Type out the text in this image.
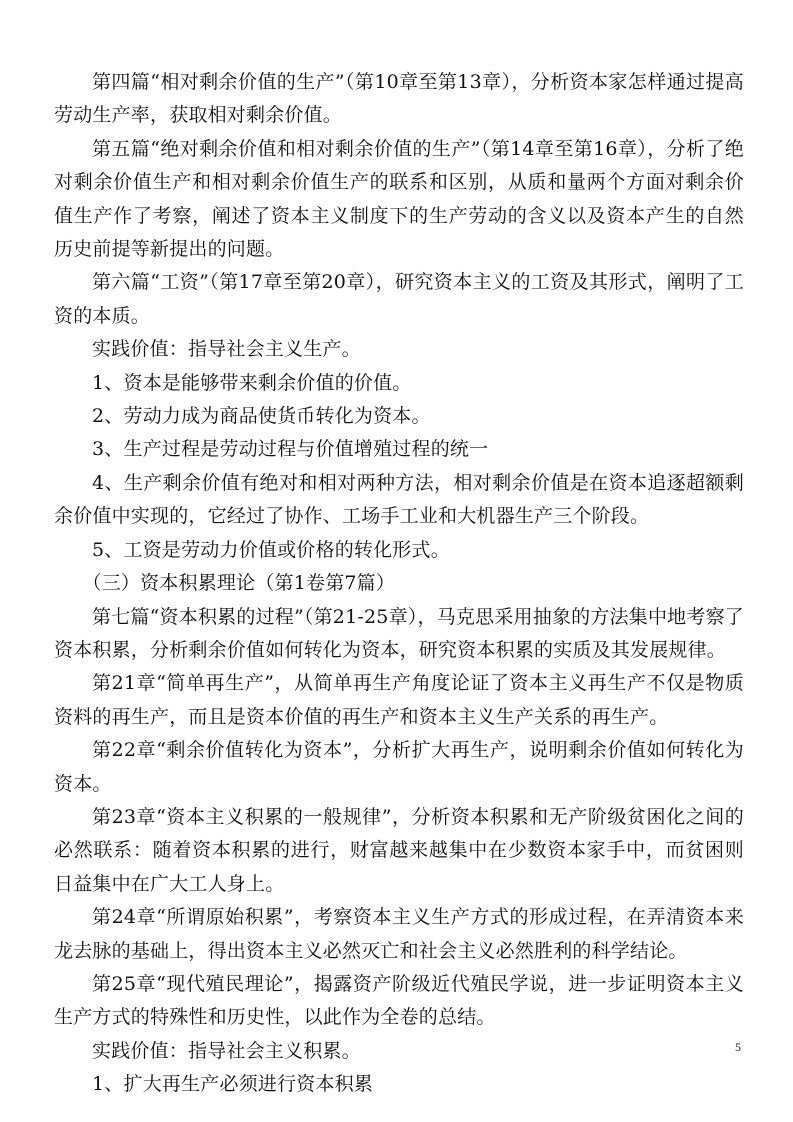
第四篇“相对剩余价值的生产”（第10章至第13章），分析资本家怎样通过提高劳动生产率，获取相对剩余价值。

第五篇“绝对剩余价值和相对剩余价值的生产”（第14章至第16章），分析了绝对剩余价值生产和相对剩余价值生产的联系和区别，从质和量两个方面对剩余价值生产作了考察，阐述了资本主义制度下的生产劳动的含义以及资本产生的自然历史前提等新提出的问题。

第六篇“工资”（第17章至第20章），研究资本主义的工资及其形式，阐明了工资的本质。

实践价值：指导社会主义生产。

1、资本是能够带来剩余价值的价值。

2、劳动力成为商品使货币转化为资本。

3、生产过程是劳动过程与价值增殖过程的统一

4、生产剩余价值有绝对和相对两种方法，相对剩余价值是在资本追逐超额剩余价值中实现的，它经过了协作、工场手工业和大机器生产三个阶段。

5、工资是劳动力价值或价格的转化形式。

（三）资本积累理论（第1卷第7篇）

第七篇“资本积累的过程”（第21-25章），马克思采用抽象的方法集中地考察了资本积累，分析剩余价值如何转化为资本，研究资本积累的实质及其发展规律。

第21章“简单再生产”，从简单再生产角度论证了资本主义再生产不仅是物质资料的再生产，而且是资本价值的再生产和资本主义生产关系的再生产。

第22章“剩余价值转化为资本”，分析扩大再生产，说明剩余价值如何转化为资本。

第23章“资本主义积累的一般规律”，分析资本积累和无产阶级贫困化之间的必然联系：随着资本积累的进行，财富越来越集中在少数资本家手中，而贫困则日益集中在广大工人身上。

第24章“所谓原始积累”，考察资本主义生产方式的形成过程，在弄清资本来龙去脉的基础上，得出资本主义必然灭亡和社会主义必然胜利的科学结论。

第25章“现代殖民理论”，揭露资产阶级近代殖民学说，进一步证明资本主义生产方式的特殊性和历史性，以此作为全卷的总结。

实践价值：指导社会主义积累。

1、扩大再生产必须进行资本积累

5
